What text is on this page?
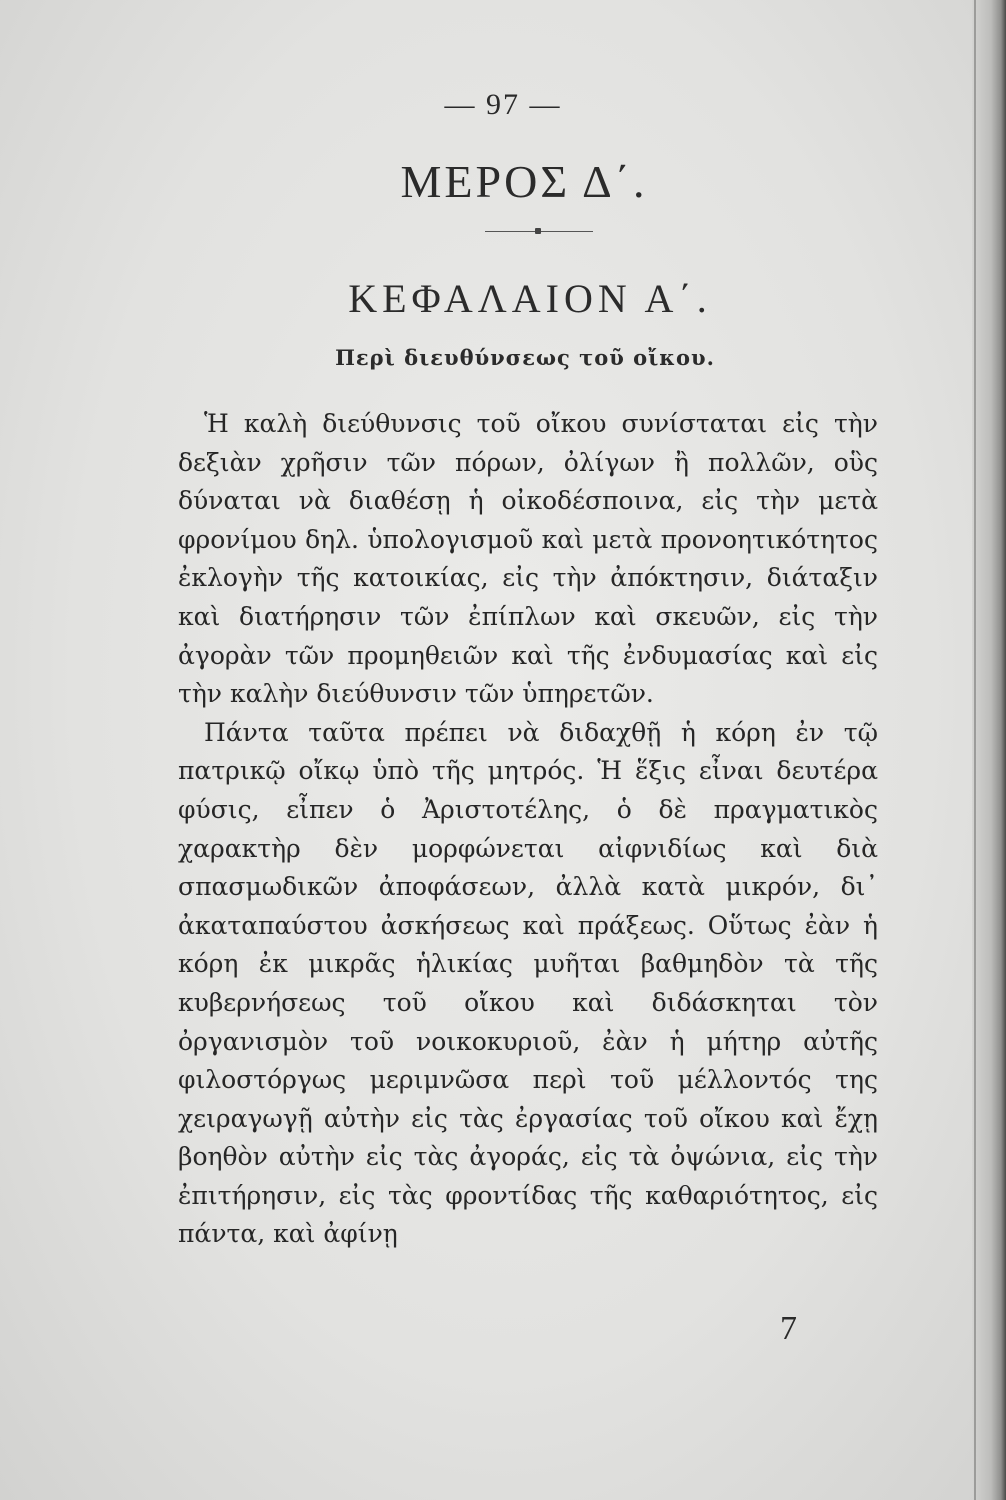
— 97 —
ΜΕΡΟΣ Δ΄.
ΚΕΦΑΛΑΙΟΝ Α΄.
Περὶ διευθύνσεως τοῦ οἴκου.

Ἡ καλὴ διεύθυνσις τοῦ οἴκου συνίσταται εἰς τὴν δεξιὰν χρῆσιν τῶν πόρων, ὀλίγων ἢ πολλῶν, οὓς δύναται νὰ διαθέσῃ ἡ οἰκοδέσποινα, εἰς τὴν μετὰ φρονίμου δηλ. ὑπολογισμοῦ καὶ μετὰ προνοητικότητος ἐκλογὴν τῆς κατοικίας, εἰς τὴν ἀπόκτησιν, διάταξιν καὶ διατήρησιν τῶν ἐπίπλων καὶ σκευῶν, εἰς τὴν ἀγορὰν τῶν προμηθειῶν καὶ τῆς ἐνδυμασίας καὶ εἰς τὴν καλὴν διεύθυνσιν τῶν ὑπηρετῶν.

Πάντα ταῦτα πρέπει νὰ διδαχθῇ ἡ κόρη ἐν τῷ πατρικῷ οἴκῳ ὑπὸ τῆς μητρός. Ἡ ἕξις εἶναι δευτέρα φύσις, εἶπεν ὁ Ἀριστοτέλης, ὁ δὲ πραγματικὸς χαρακτὴρ δὲν μορφώνεται αἰφνιδίως καὶ διὰ σπασμωδικῶν ἀποφάσεων, ἀλλὰ κατὰ μικρόν, δι᾽ ἀκαταπαύστου ἀσκήσεως καὶ πράξεως. Οὕτως ἐὰν ἡ κόρη ἐκ μικρᾶς ἡλικίας μυῆται βαθμηδὸν τὰ τῆς κυβερνήσεως τοῦ οἴκου καὶ διδάσκηται τὸν ὀργανισμὸν τοῦ νοικοκυριοῦ, ἐὰν ἡ μήτηρ αὐτῆς φιλοστόργως μεριμνῶσα περὶ τοῦ μέλλοντός της χειραγωγῇ αὐτὴν εἰς τὰς ἐργασίας τοῦ οἴκου καὶ ἔχῃ βοηθὸν αὐτὴν εἰς τὰς ἀγοράς, εἰς τὰ ὀψώνια, εἰς τὴν ἐπιτήρησιν, εἰς τὰς φροντίδας τῆς καθαριότητος, εἰς πάντα, καὶ ἀφίνῃ

7
